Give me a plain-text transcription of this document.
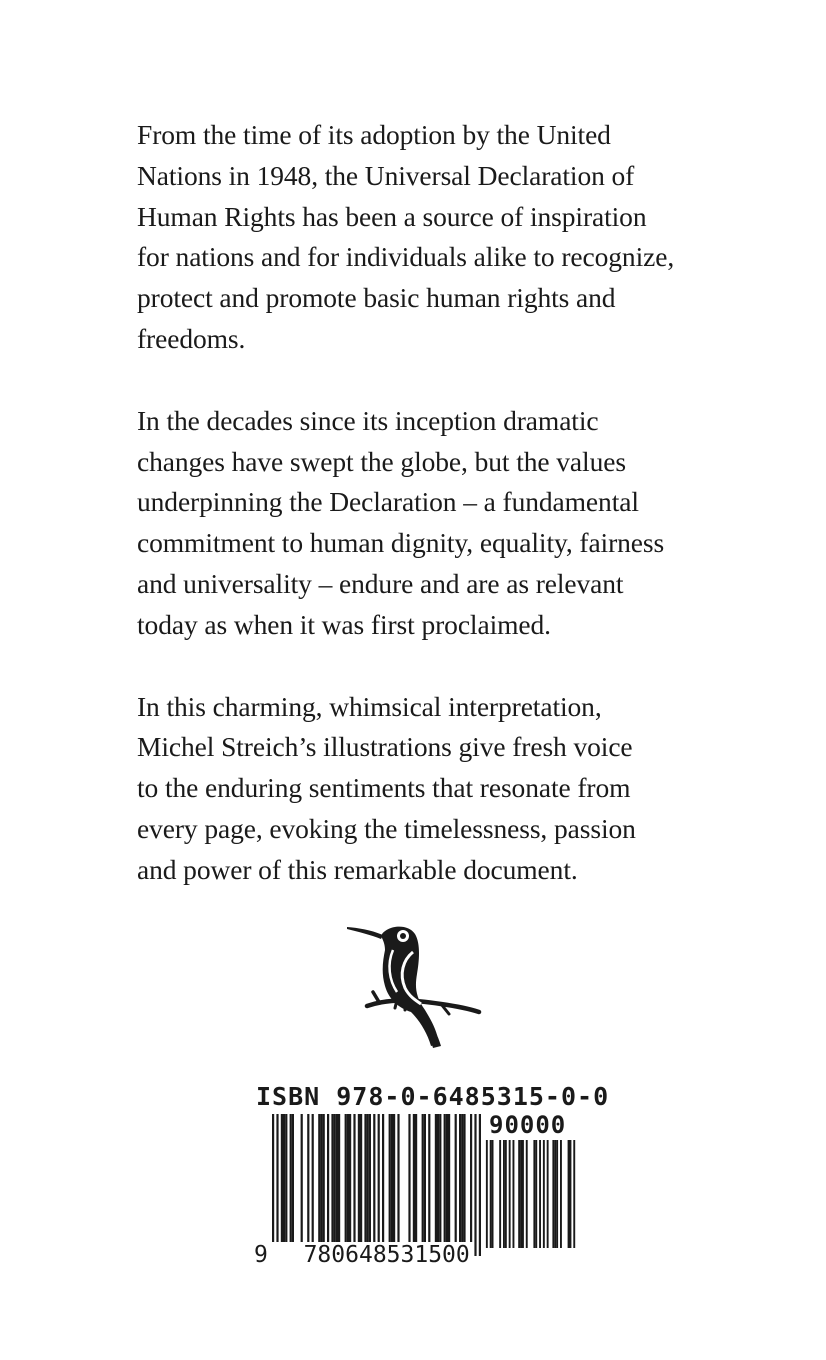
From the time of its adoption by the United
Nations in 1948, the Universal Declaration of
Human Rights has been a source of inspiration
for nations and for individuals alike to recognize,
protect and promote basic human rights and
freedoms.

In the decades since its inception dramatic
changes have swept the globe, but the values
underpinning the Declaration – a fundamental
commitment to human dignity, equality, fairness
and universality – endure and are as relevant
today as when it was first proclaimed.

In this charming, whimsical interpretation,
Michel Streich’s illustrations give fresh voice
to the enduring sentiments that resonate from
every page, evoking the timelessness, passion
and power of this remarkable document.

ISBN 978-0-6485315-0-0
90000
9 780648531500
